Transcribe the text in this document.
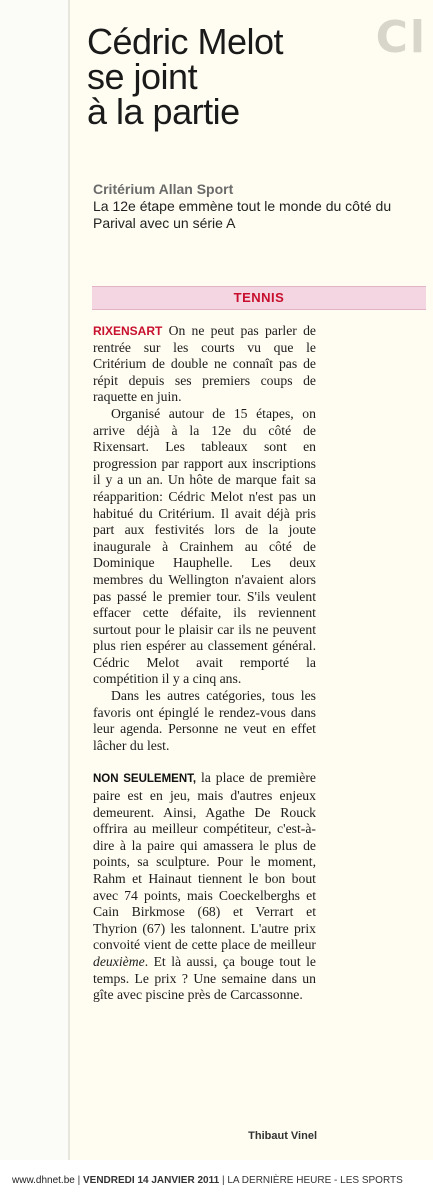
Cl
Cédric Melot
se joint
à la partie
Critérium Allan Sport
La 12e étape emmène tout le monde du côté du Parival avec un série A
TENNIS

RIXENSART On ne peut pas parler de rentrée sur les courts vu que le Critérium de double ne connaît pas de répit depuis ses premiers coups de raquette en juin.

Organisé autour de 15 étapes, on arrive déjà à la 12e du côté de Rixensart. Les tableaux sont en progression par rapport aux inscriptions il y a un an. Un hôte de marque fait sa réapparition: Cédric Melot n'est pas un habitué du Critérium. Il avait déjà pris part aux festivités lors de la joute inaugurale à Crainhem au côté de Dominique Hauphelle. Les deux membres du Wellington n'avaient alors pas passé le premier tour. S'ils veulent effacer cette défaite, ils reviennent surtout pour le plaisir car ils ne peuvent plus rien espérer au classement général. Cédric Melot avait remporté la compétition il y a cinq ans.

Dans les autres catégories, tous les favoris ont épinglé le rendez-vous dans leur agenda. Personne ne veut en effet lâcher du lest.

NON SEULEMENT, la place de première paire est en jeu, mais d'autres enjeux demeurent. Ainsi, Agathe De Rouck offrira au meilleur compétiteur, c'est-à-dire à la paire qui amassera le plus de points, sa sculpture. Pour le moment, Rahm et Hainaut tiennent le bon bout avec 74 points, mais Coeckelberghs et Cain Birkmose (68) et Verrart et Thyrion (67) les talonnent. L'autre prix convoité vient de cette place de meilleur deuxième. Et là aussi, ça bouge tout le temps. Le prix ? Une semaine dans un gîte avec piscine près de Carcassonne.

Thibaut Vinel
www.dhnet.be | VENDREDI 14 JANVIER 2011 | LA DERNIÈRE HEURE - LES SPORTS
